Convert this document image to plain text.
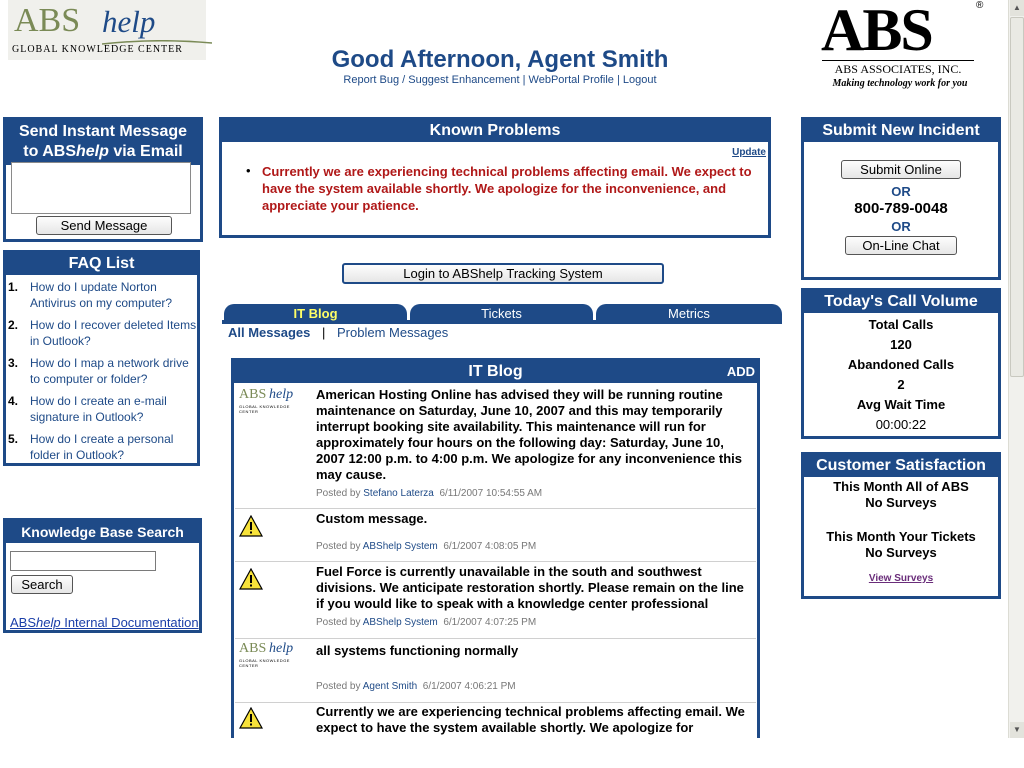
ABS help
GLOBAL KNOWLEDGE CENTER	Good Afternoon, Agent Smith
Report Bug / Suggest Enhancement | WebPortal Profile | Logout
ABS	®
ABS ASSOCIATES, INC.
Making technology work for you
Send Instant Message
to ABShelp via Email
Send Message
FAQ List
1. How do I update Norton Antivirus on my computer?
2. How do I recover deleted Items in Outlook?
3. How do I map a network drive to computer or folder?
4. How do I create an e-mail signature in Outlook?
5. How do I create a personal folder in Outlook?
Knowledge Base Search
Search
ABShelp Internal Documentation
Known Problems
Update
• Currently we are experiencing technical problems affecting email. We expect to have the system available shortly. We apologize for the inconvenience, and appreciate your patience.
Login to ABShelp Tracking System
IT Blog	Tickets	Metrics
All Messages | Problem Messages
IT Blog	ADD
ABS help
GLOBAL KNOWLEDGE CENTER
American Hosting Online has advised they will be running routine maintenance on Saturday, June 10, 2007 and this may temporarily interrupt booking site availability. This maintenance will run for approximately four hours on the following day: Saturday, June 10, 2007 12:00 p.m. to 4:00 p.m. We apologize for any inconvenience this may cause.
Posted by Stefano Laterza 6/11/2007 10:54:55 AM
Custom message.
Posted by ABShelp System 6/1/2007 4:08:05 PM
Fuel Force is currently unavailable in the south and southwest divisions. We anticipate restoration shortly. Please remain on the line if you would like to speak with a knowledge center professional
Posted by ABShelp System 6/1/2007 4:07:25 PM
ABS help
GLOBAL KNOWLEDGE CENTER
all systems functioning normally
Posted by Agent Smith 6/1/2007 4:06:21 PM
Currently we are experiencing technical problems affecting email. We expect to have the system available shortly. We apologize for
Submit New Incident
Submit Online
OR
800-789-0048
OR
On-Line Chat
Today's Call Volume
Total Calls
120
Abandoned Calls
2
Avg Wait Time
00:00:22
Customer Satisfaction
This Month All of ABS
No Surveys
This Month Your Tickets
No Surveys
View Surveys
▲
▼
